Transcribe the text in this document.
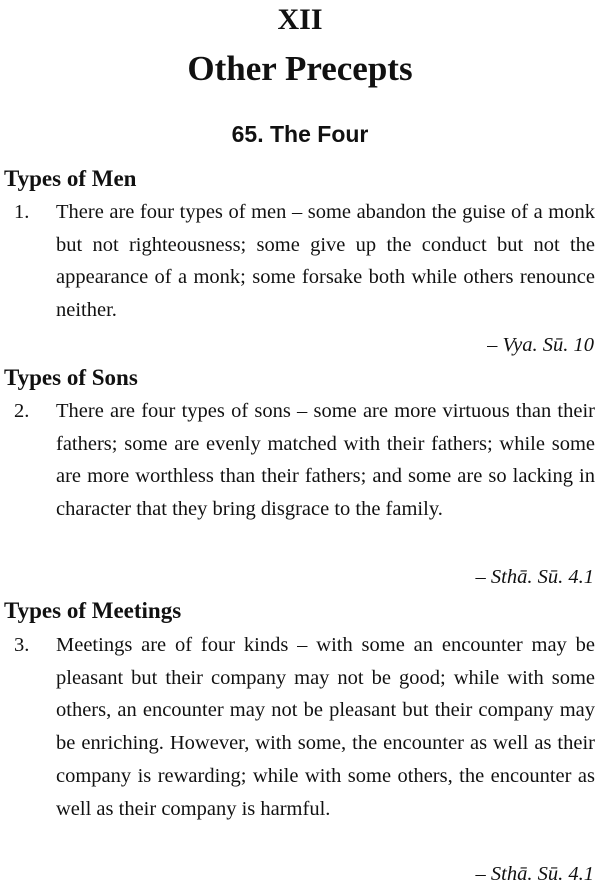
XII
Other Precepts
65. The Four
Types of Men
1. There are four types of men – some abandon the guise of a monk but not righteousness; some give up the conduct but not the appearance of a monk; some forsake both while others renounce neither.
– Vya. Sū. 10
Types of Sons
2. There are four types of sons – some are more virtuous than their fathers; some are evenly matched with their fathers; while some are more worthless than their fathers; and some are so lacking in character that they bring disgrace to the family.
– Sthā. Sū. 4.1
Types of Meetings
3. Meetings are of four kinds – with some an encounter may be pleasant but their company may not be good; while with some others, an encounter may not be pleasant but their company may be enriching. However, with some, the encounter as well as their company is rewarding; while with some others, the encounter as well as their company is harmful.
– Sthā. Sū. 4.1
